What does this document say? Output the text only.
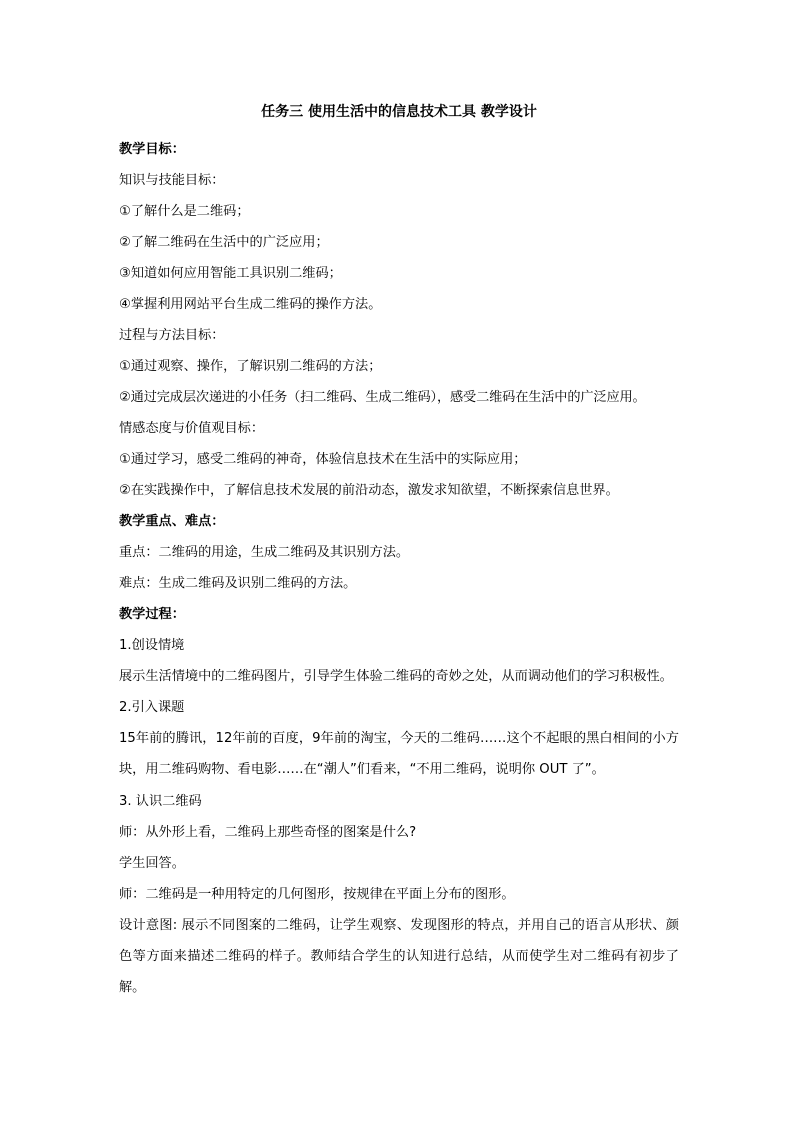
任务三 使用生活中的信息技术工具 教学设计

教学目标：

知识与技能目标：

①了解什么是二维码；

②了解二维码在生活中的广泛应用；

③知道如何应用智能工具识别二维码；

④掌握利用网站平台生成二维码的操作方法。

过程与方法目标：

①通过观察、操作，了解识别二维码的方法；

②通过完成层次递进的小任务（扫二维码、生成二维码），感受二维码在生活中的广泛应用。

情感态度与价值观目标：

①通过学习，感受二维码的神奇，体验信息技术在生活中的实际应用；

②在实践操作中，了解信息技术发展的前沿动态，激发求知欲望，不断探索信息世界。

教学重点、难点：

重点：二维码的用途，生成二维码及其识别方法。

难点：生成二维码及识别二维码的方法。

教学过程：

1.创设情境

展示生活情境中的二维码图片，引导学生体验二维码的奇妙之处，从而调动他们的学习积极性。

2.引入课题

15年前的腾讯，12年前的百度，9年前的淘宝，今天的二维码……这个不起眼的黑白相间的小方块，用二维码购物、看电影……在“潮人”们看来，“不用二维码，说明你 OUT 了”。

3. 认识二维码

师：从外形上看，二维码上那些奇怪的图案是什么?

学生回答。

师：二维码是一种用特定的几何图形，按规律在平面上分布的图形。

设计意图: 展示不同图案的二维码，让学生观察、发现图形的特点，并用自己的语言从形状、颜色等方面来描述二维码的样子。教师结合学生的认知进行总结，从而使学生对二维码有初步了解。
